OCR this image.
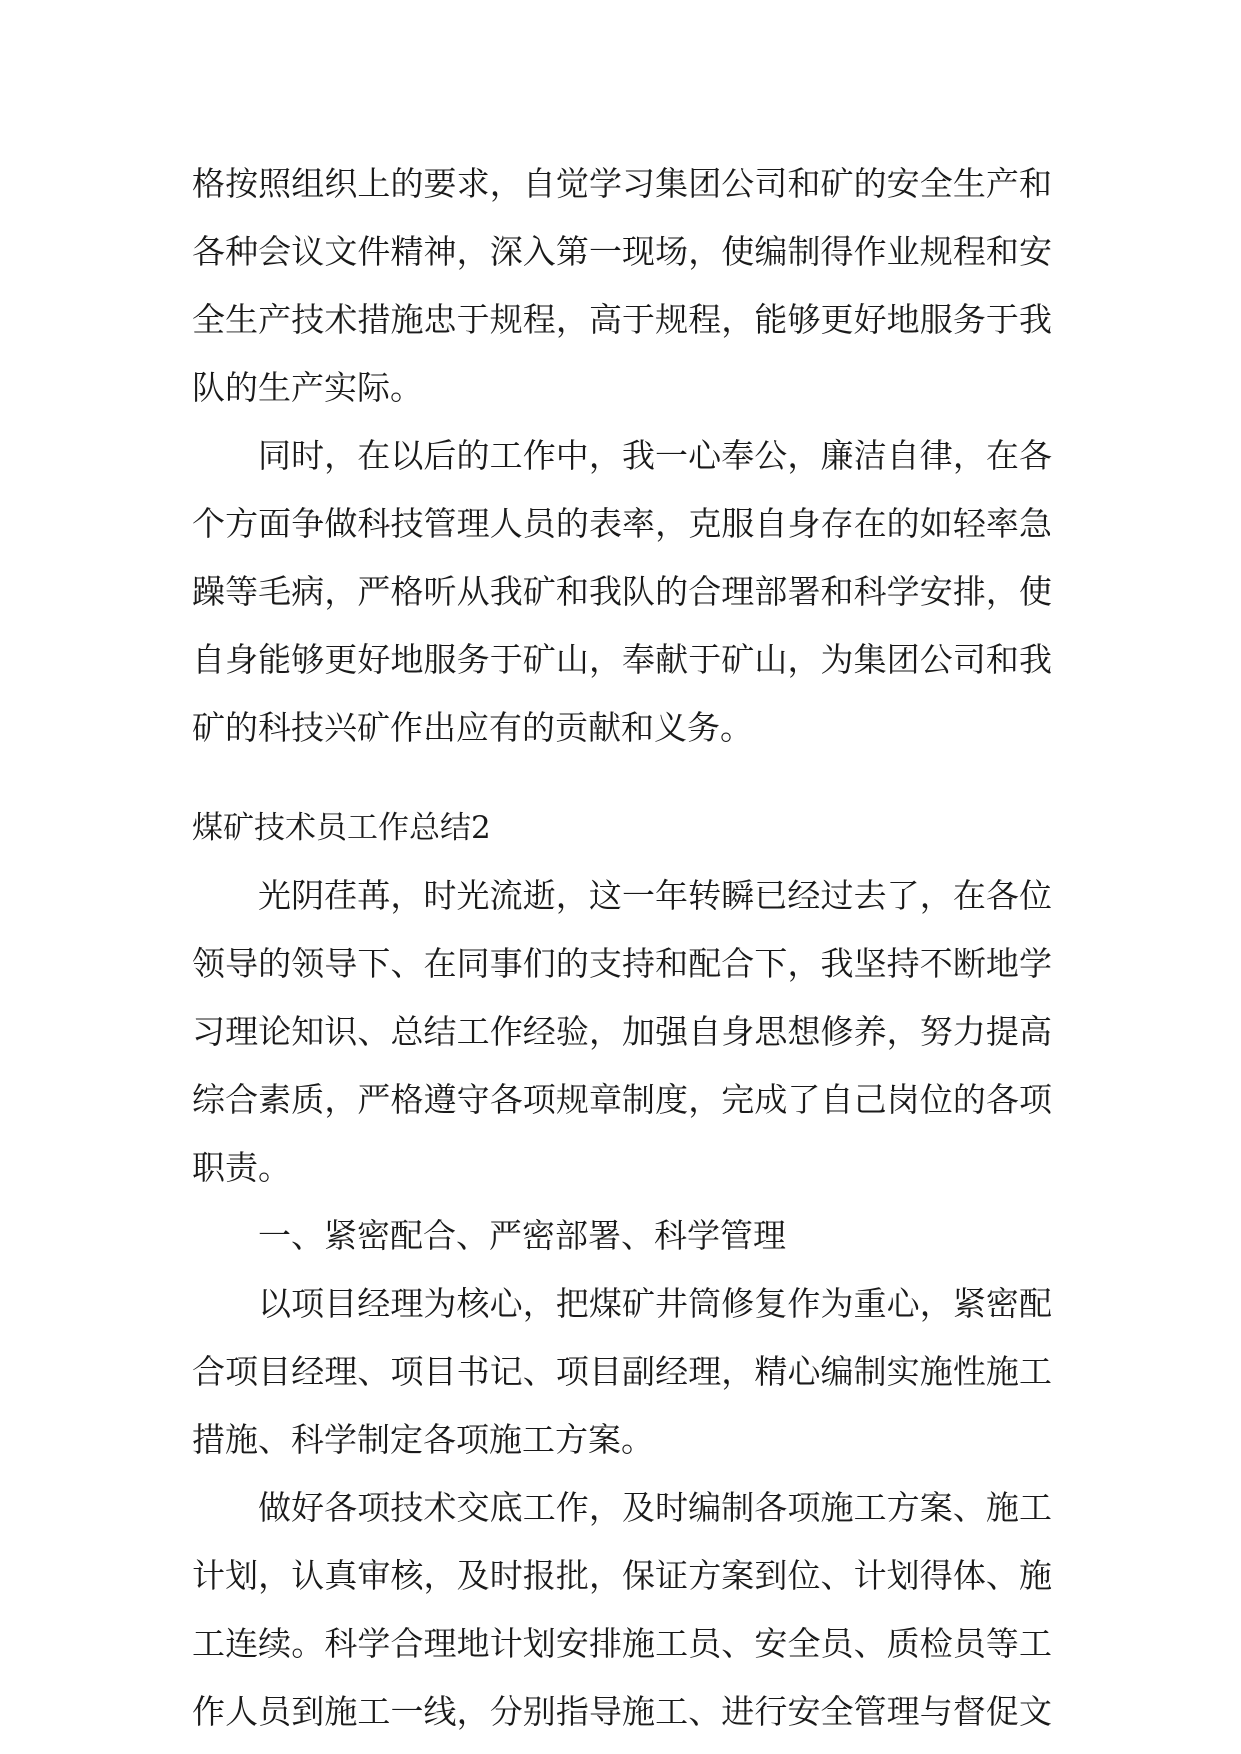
格按照组织上的要求，自觉学习集团公司和矿的安全生产和
各种会议文件精神，深入第一现场，使编制得作业规程和安
全生产技术措施忠于规程，高于规程，能够更好地服务于我
队的生产实际。
同时，在以后的工作中，我一心奉公，廉洁自律，在各
个方面争做科技管理人员的表率，克服自身存在的如轻率急
躁等毛病，严格听从我矿和我队的合理部署和科学安排，使
自身能够更好地服务于矿山，奉献于矿山，为集团公司和我
矿的科技兴矿作出应有的贡献和义务。
煤矿技术员工作总结2
光阴荏苒，时光流逝，这一年转瞬已经过去了，在各位
领导的领导下、在同事们的支持和配合下，我坚持不断地学
习理论知识、总结工作经验，加强自身思想修养，努力提高
综合素质，严格遵守各项规章制度，完成了自己岗位的各项
职责。
一、紧密配合、严密部署、科学管理
以项目经理为核心，把煤矿井筒修复作为重心，紧密配
合项目经理、项目书记、项目副经理，精心编制实施性施工
措施、科学制定各项施工方案。
做好各项技术交底工作，及时编制各项施工方案、施工
计划，认真审核，及时报批，保证方案到位、计划得体、施
工连续。科学合理地计划安排施工员、安全员、质检员等工
作人员到施工一线，分别指导施工、进行安全管理与督促文
